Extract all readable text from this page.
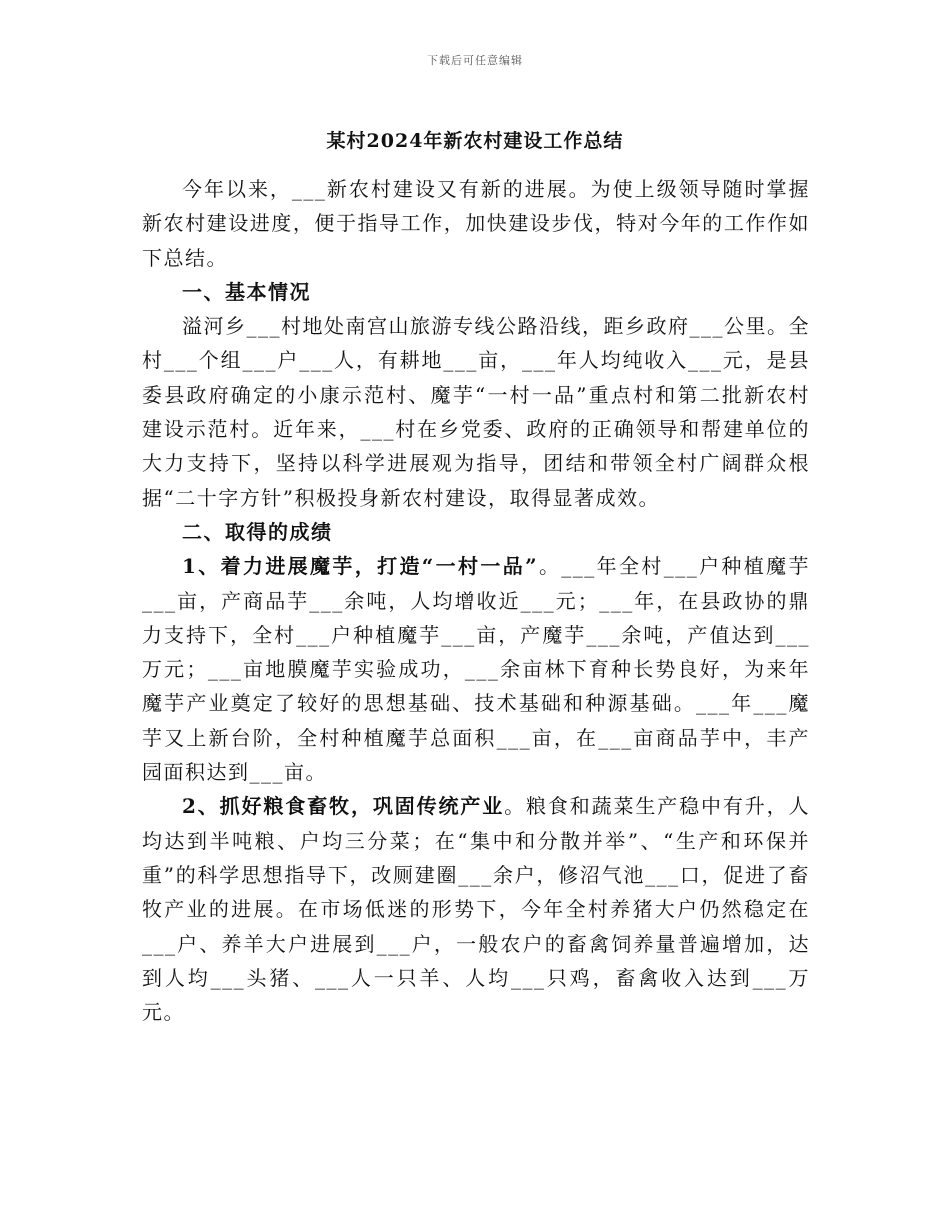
下载后可任意编辑
某村2024年新农村建设工作总结

今年以来，___新农村建设又有新的进展。为使上级领导随时掌握新农村建设进度，便于指导工作，加快建设步伐，特对今年的工作作如下总结。

一、基本情况

溢河乡___村地处南宫山旅游专线公路沿线，距乡政府___公里。全村___个组___户___人，有耕地___亩，___年人均纯收入___元，是县委县政府确定的小康示范村、魔芋“一村一品”重点村和第二批新农村建设示范村。近年来，___村在乡党委、政府的正确领导和帮建单位的大力支持下，坚持以科学进展观为指导，团结和带领全村广阔群众根据“二十字方针”积极投身新农村建设，取得显著成效。

二、取得的成绩

1、着力进展魔芋，打造“一村一品”。___年全村___户种植魔芋___亩，产商品芋___余吨，人均增收近___元；___年，在县政协的鼎力支持下，全村___户种植魔芋___亩，产魔芋___余吨，产值达到___万元；___亩地膜魔芋实验成功，___余亩林下育种长势良好，为来年魔芋产业奠定了较好的思想基础、技术基础和种源基础。___年___魔芋又上新台阶，全村种植魔芋总面积___亩，在___亩商品芋中，丰产园面积达到___亩。

2、抓好粮食畜牧，巩固传统产业。粮食和蔬菜生产稳中有升，人均达到半吨粮、户均三分菜；在“集中和分散并举”、“生产和环保并重”的科学思想指导下，改厕建圈___余户，修沼气池___口，促进了畜牧产业的进展。在市场低迷的形势下，今年全村养猪大户仍然稳定在___户、养羊大户进展到___户，一般农户的畜禽饲养量普遍增加，达到人均___头猪、___人一只羊、人均___只鸡，畜禽收入达到___万元。
